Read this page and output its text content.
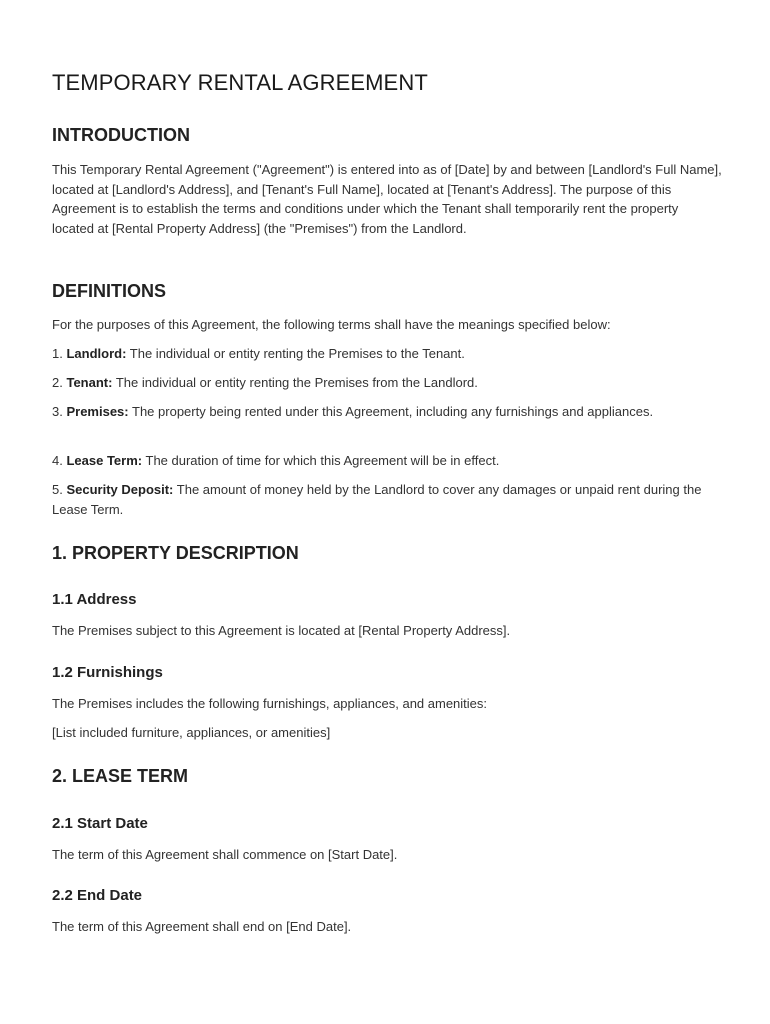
TEMPORARY RENTAL AGREEMENT
INTRODUCTION

This Temporary Rental Agreement ("Agreement") is entered into as of [Date] by and between [Landlord's Full Name], located at [Landlord's Address], and [Tenant's Full Name], located at [Tenant's Address]. The purpose of this Agreement is to establish the terms and conditions under which the Tenant shall temporarily rent the property located at [Rental Property Address] (the "Premises") from the Landlord.

DEFINITIONS

For the purposes of this Agreement, the following terms shall have the meanings specified below:

1. Landlord: The individual or entity renting the Premises to the Tenant.

2. Tenant: The individual or entity renting the Premises from the Landlord.

3. Premises: The property being rented under this Agreement, including any furnishings and appliances.

4. Lease Term: The duration of time for which this Agreement will be in effect.

5. Security Deposit: The amount of money held by the Landlord to cover any damages or unpaid rent during the Lease Term.

1. PROPERTY DESCRIPTION
1.1 Address

The Premises subject to this Agreement is located at [Rental Property Address].

1.2 Furnishings

The Premises includes the following furnishings, appliances, and amenities:

[List included furniture, appliances, or amenities]

2. LEASE TERM
2.1 Start Date

The term of this Agreement shall commence on [Start Date].

2.2 End Date

The term of this Agreement shall end on [End Date].
